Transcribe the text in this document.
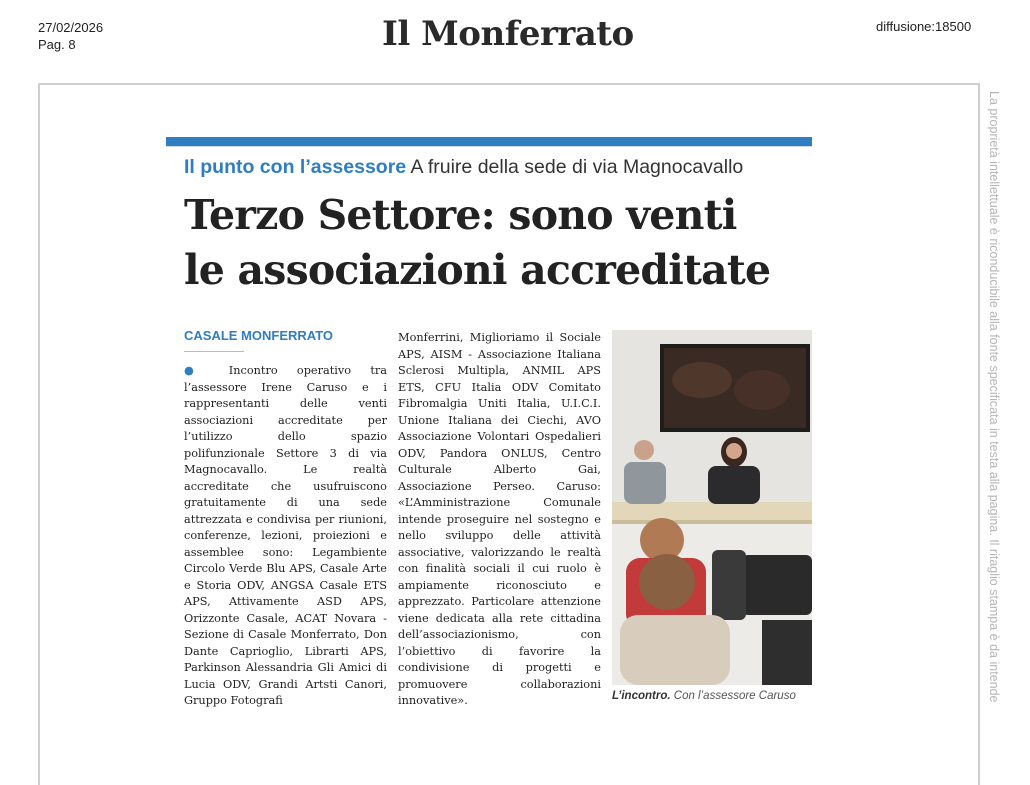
27/02/2026
Pag. 8	Il Monferrato	diffusione:18500
La proprietà intellettuale è riconducibile alla fonte specificata in testa alla pagina. Il ritaglio stampa è da intende
Il punto con l’assessore A fruire della sede di via Magnocavallo
Terzo Settore: sono venti
le associazioni accreditate
CASALE MONFERRATO
● Incontro operativo tra l’assessore Irene Caruso e i rappresentanti delle venti associazioni accreditate per l’utilizzo dello spazio polifunzionale Settore 3 di via Magnocavallo. Le realtà accreditate che usufruiscono gratuitamente di una sede attrezzata e condivisa per riunioni, conferenze, lezioni, proiezioni e assemblee sono: Legambiente Circolo Verde Blu APS, Casale Arte e Storia ODV, ANGSA Casale ETS APS, Attivamente ASD APS, Orizzonte Casale, ACAT Novara - Sezione di Casale Monferrato, Don Dante Caprioglio, Librarti APS, Parkinson Alessandria Gli Amici di Lucia ODV, Grandi Artsti Canori, Gruppo Fotografi
Monferrini, Miglioriamo il Sociale APS, AISM - Associazione Italiana Sclerosi Multipla, ANMIL APS ETS, CFU Italia ODV Comitato Fibromalgia Uniti Italia, U.I.C.I. Unione Italiana dei Ciechi, AVO Associazione Volontari Ospedalieri ODV, Pandora ONLUS, Centro Culturale Alberto Gai, Associazione Perseo. Caruso: «L’Amministrazione Comunale intende proseguire nel sostegno e nello sviluppo delle attività associative, valorizzando le realtà con finalità sociali il cui ruolo è ampiamente riconosciuto e apprezzato. Particolare attenzione viene dedicata alla rete cittadina dell’associazionismo, con l’obiettivo di favorire la condivisione di progetti e promuovere collaborazioni innovative».	L’incontro. Con l’assessore Caruso
